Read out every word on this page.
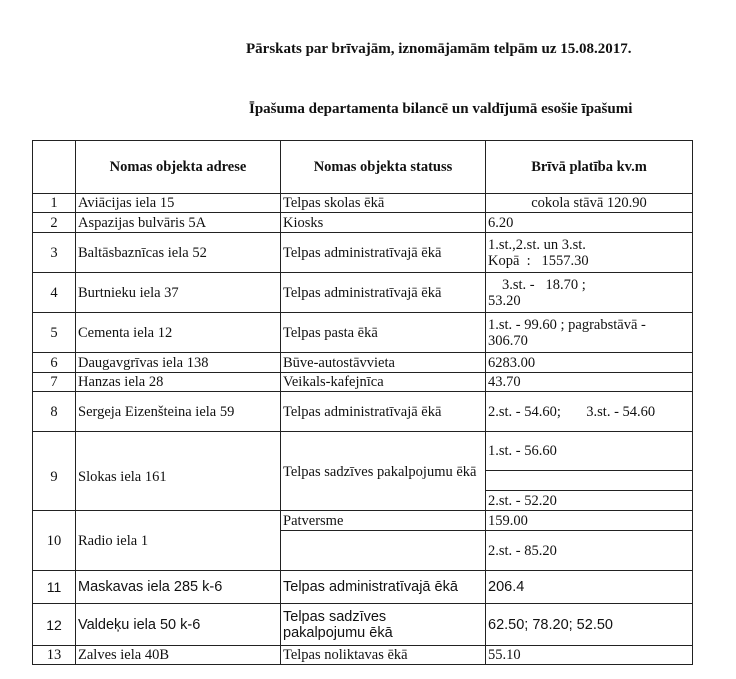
Pārskats par brīvajām, iznomājamām telpām uz 15.08.2017.
Īpašuma departamenta bilancē un valdījumā esošie īpašumi
	Nomas objekta adrese	Nomas objekta statuss	Brīvā platība kv.m
1	Aviācijas iela 15	Telpas skolas ēkā	cokola stāvā 120.90
2	Aspazijas bulvāris 5A	Kiosks	6.20
3	Baltāsbaznīcas iela 52	Telpas administratīvajā ēkā	1.st.,2.st. un 3.st.
Kopā  :   1557.30

4	Burtnieku iela 37	Telpas administratīvajā ēkā	3.st. -   18.70 ;
53.20

5	Cementa iela 12	Telpas pasta ēkā	1.st. - 99.60 ; pagrabstāvā -
306.70

6	Daugavgrīvas iela 138	Būve-autostāvvieta	6283.00
7	Hanzas iela 28	Veikals-kafejnīca	43.70
8	Sergeja Eizenšteina iela 59	Telpas administratīvajā ēkā	2.st. - 54.60;       3.st. - 54.60
9	Slokas iela 161	Telpas sadzīves pakalpojumu ēkā	1.st. - 56.60

			2.st. - 52.20
10	Radio iela 1	Patversme	159.00
			2.st. - 85.20
11	Maskavas iela 285 k-6	Telpas administratīvajā ēkā	206.4
12	Valdeķu iela 50 k-6	Telpas sadzīves
pakalpojumu ēkā	62.50; 78.20; 52.50
13	Zalves iela 40B	Telpas noliktavas ēkā	55.10
